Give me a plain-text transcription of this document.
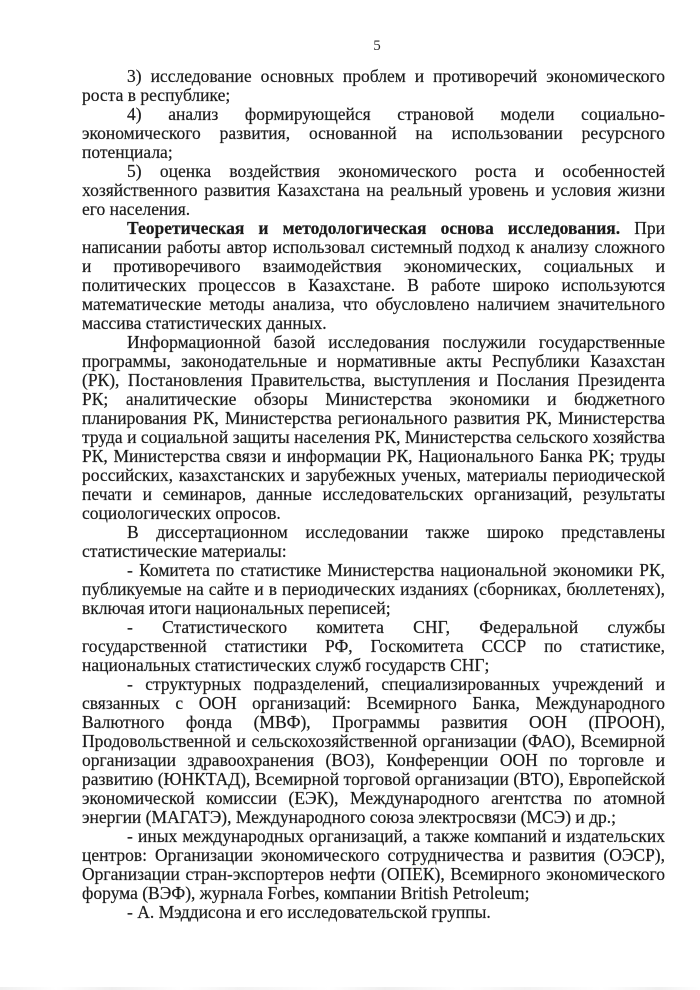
5

3) исследование основных проблем и противоречий экономического роста в республике;

4) анализ формирующейся страновой модели социально-экономического развития, основанной на использовании ресурсного потенциала;

5) оценка воздействия экономического роста и особенностей хозяйственного развития Казахстана на реальный уровень и условия жизни его населения.

Теоретическая и методологическая основа исследования. При написании работы автор использовал системный подход к анализу сложного и противоречивого взаимодействия экономических, социальных и политических процессов в Казахстане. В работе широко используются математические методы анализа, что обусловлено наличием значительного массива статистических данных.

Информационной базой исследования послужили государственные программы, законодательные и нормативные акты Республики Казахстан (РК), Постановления Правительства, выступления и Послания Президента РК; аналитические обзоры Министерства экономики и бюджетного планирования РК, Министерства регионального развития РК, Министерства труда и социальной защиты населения РК, Министерства сельского хозяйства РК, Министерства связи и информации РК, Национального Банка РК; труды российских, казахстанских и зарубежных ученых, материалы периодической печати и семинаров, данные исследовательских организаций, результаты социологических опросов.

В диссертационном исследовании также широко представлены статистические материалы:

- Комитета по статистике Министерства национальной экономики РК, публикуемые на сайте и в периодических изданиях (сборниках, бюллетенях), включая итоги национальных переписей;

- Статистического комитета СНГ, Федеральной службы государственной статистики РФ, Госкомитета СССР по статистике, национальных статистических служб государств СНГ;

- структурных подразделений, специализированных учреждений и связанных с ООН организаций: Всемирного Банка, Международного Валютного фонда (МВФ), Программы развития ООН (ПРООН), Продовольственной и сельскохозяйственной организации (ФАО), Всемирной организации здравоохранения (ВОЗ), Конференции ООН по торговле и развитию (ЮНКТАД), Всемирной торговой организации (ВТО), Европейской экономической комиссии (ЕЭК), Международного агентства по атомной энергии (МАГАТЭ), Международного союза электросвязи (МСЭ) и др.;

- иных международных организаций, а также компаний и издательских центров: Организации экономического сотрудничества и развития (ОЭСР), Организации стран-экспортеров нефти (ОПЕК), Всемирного экономического форума (ВЭФ), журнала Forbes, компании British Petroleum;

- А. Мэддисона и его исследовательской группы.
